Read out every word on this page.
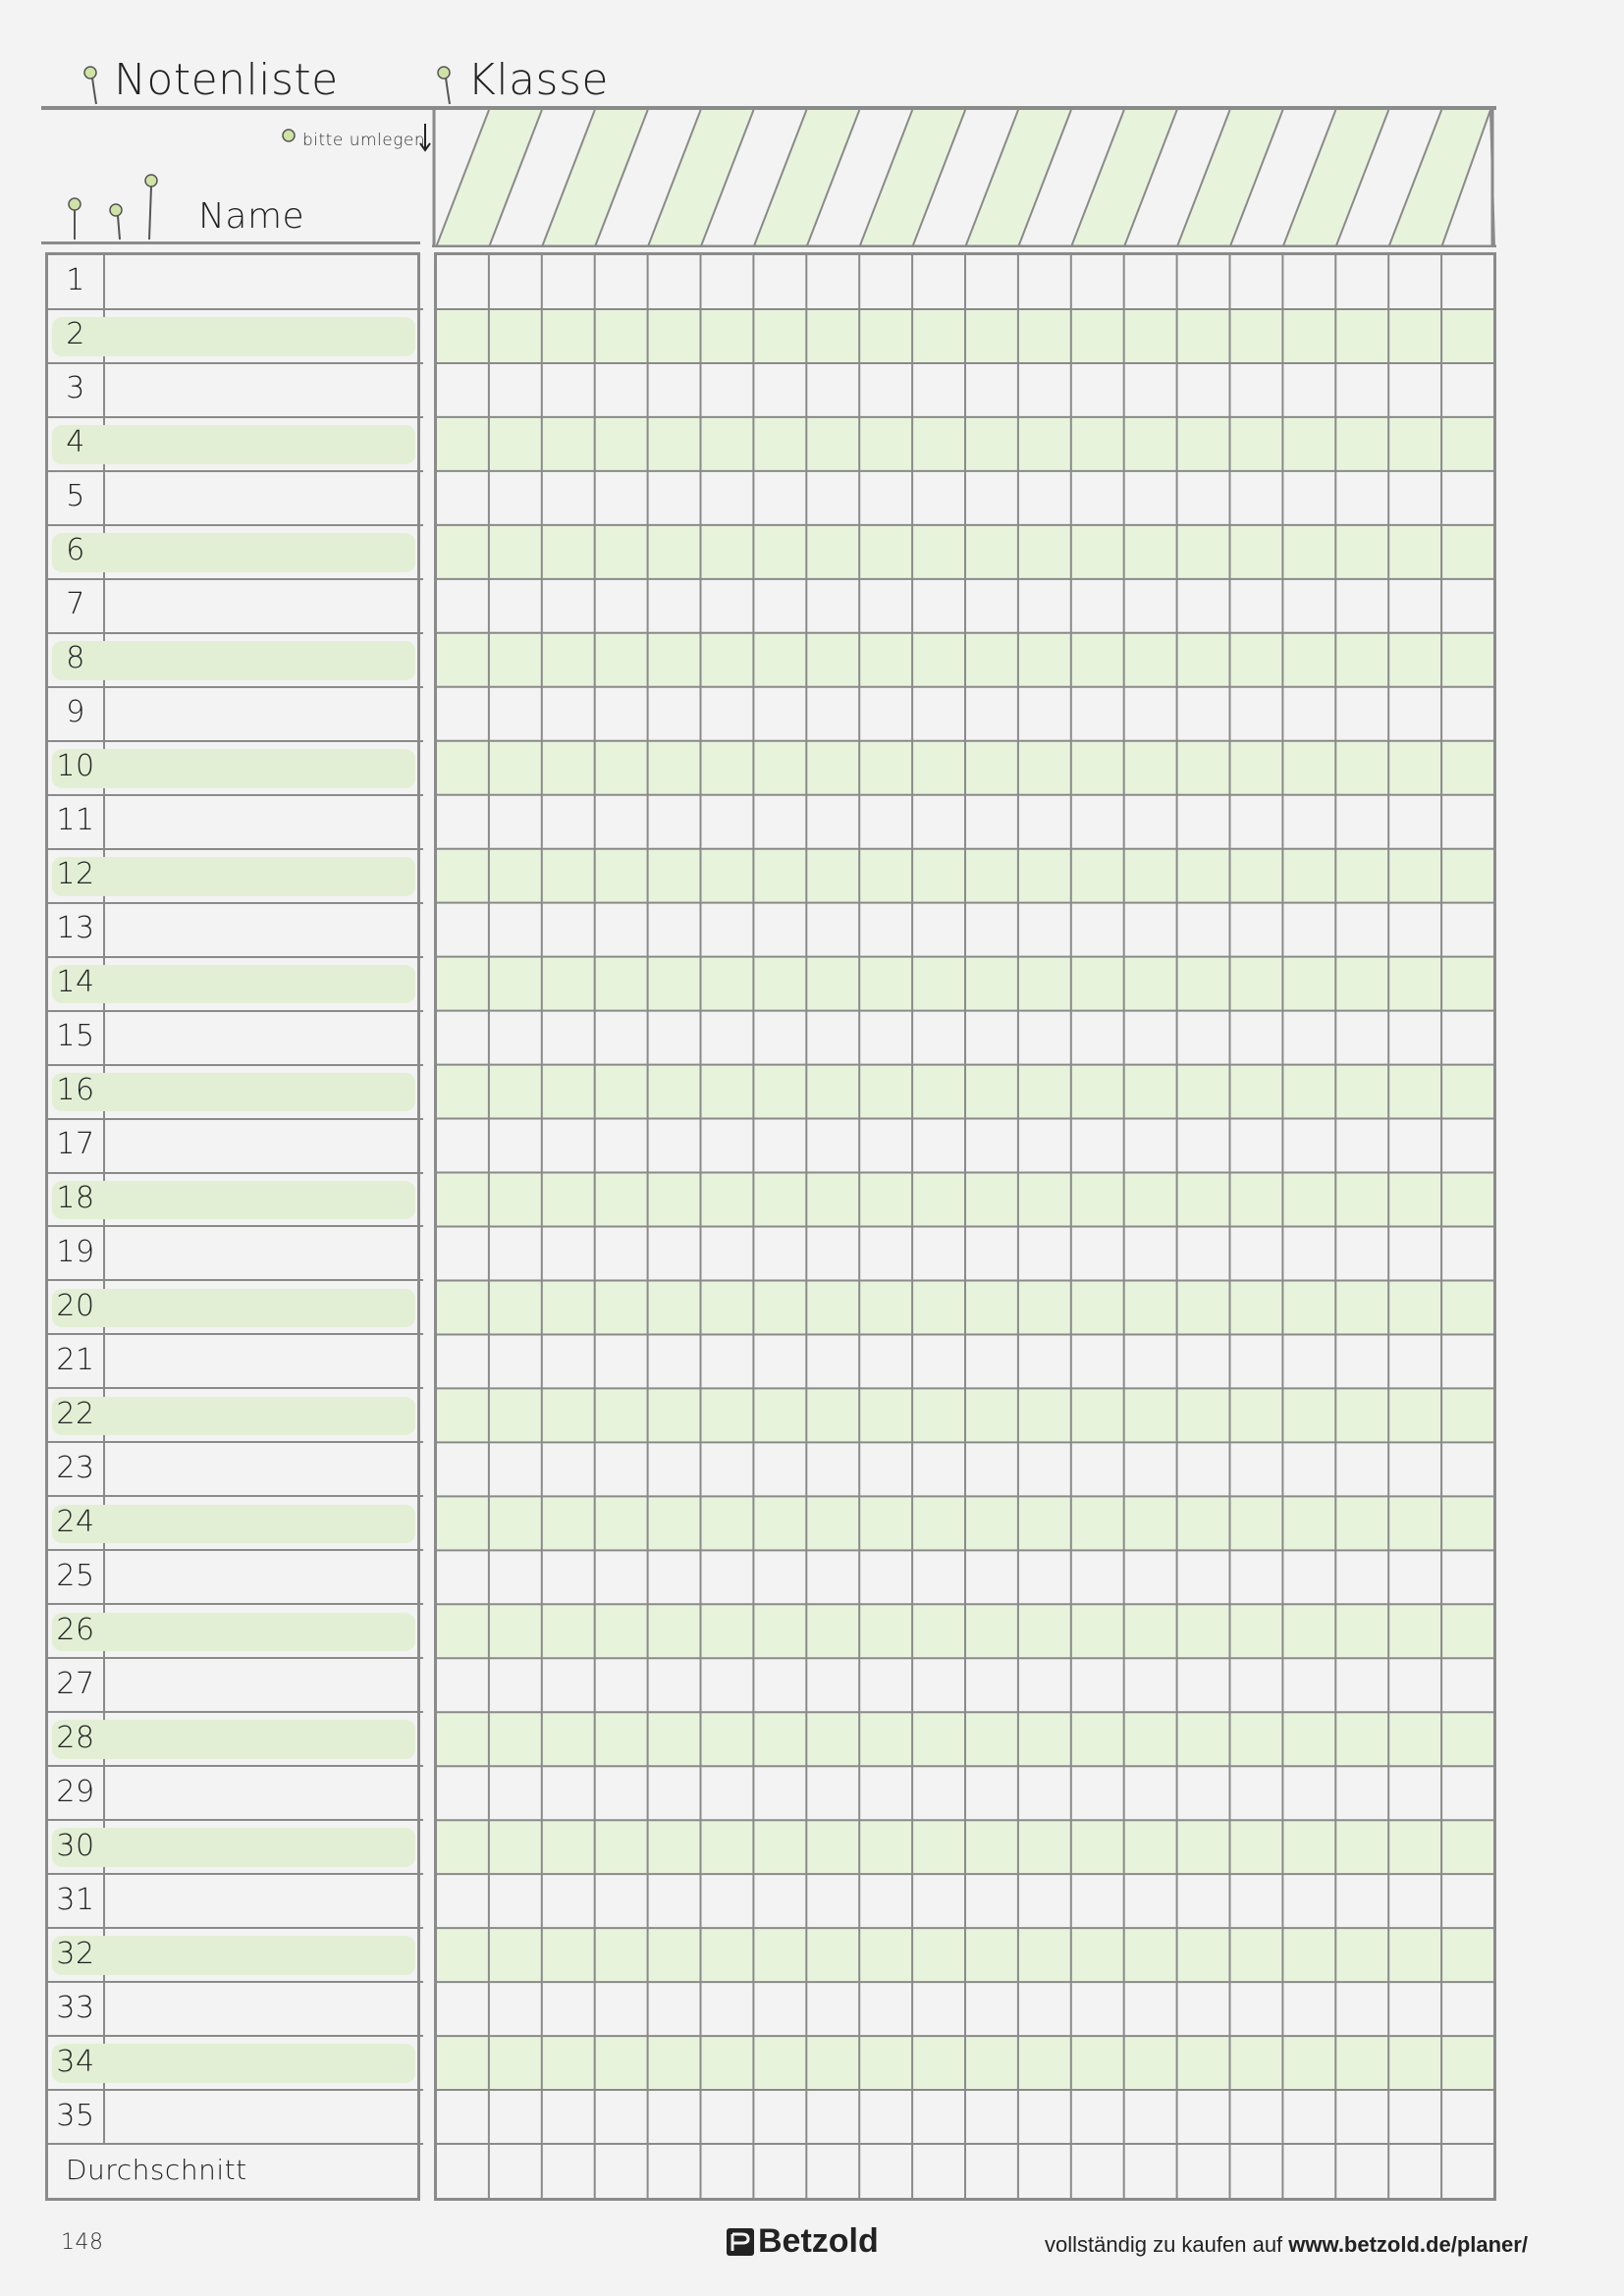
Notenliste	Klasse
bitte umlegen
Name
1
2
3
4
5
6
7
8
9
10
11
12
13
14
15
16
17
18
19
20
21
22
23
24
25
26
27
28
29
30
31
32
33
34
35
Durchschnitt
148	Betzold	vollständig zu kaufen auf www.betzold.de/planer/
